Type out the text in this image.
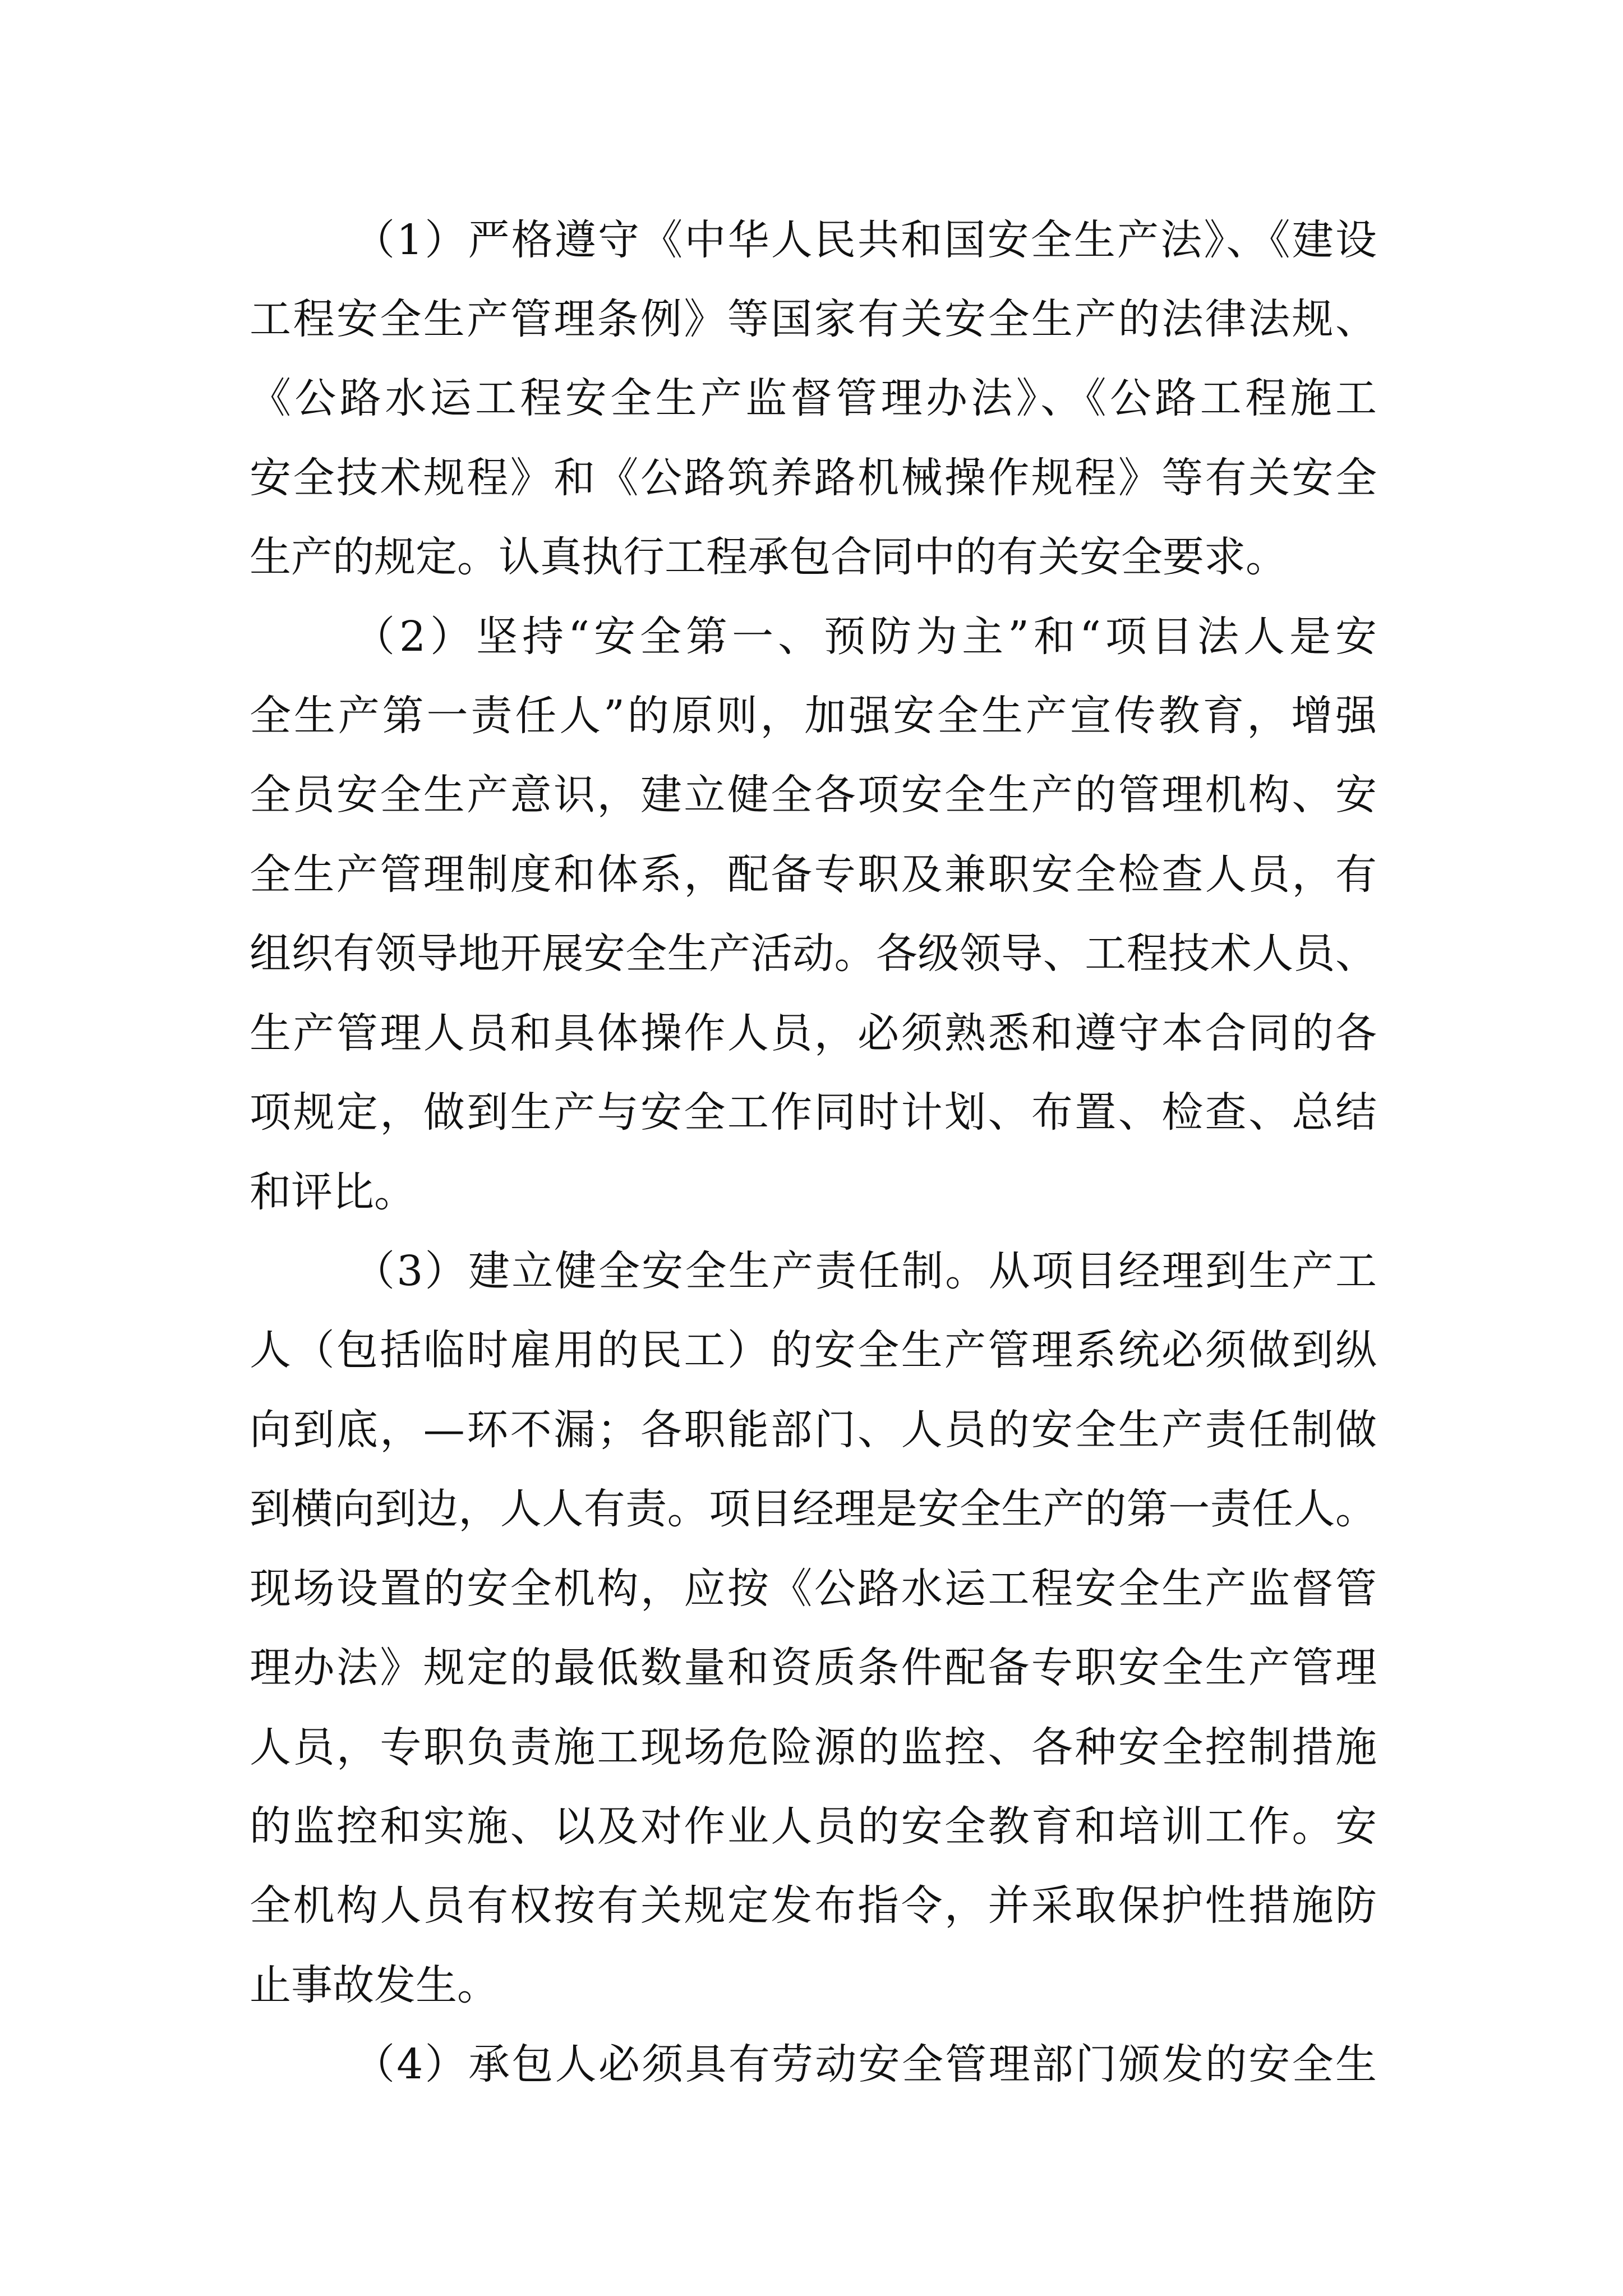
（1）严格遵守《中华人民共和国安全生产法》、《建设
工程安全生产管理条例》等国家有关安全生产的法律法规、
《公路水运工程安全生产监督管理办法》、《公路工程施工
安全技术规程》和《公路筑养路机械操作规程》等有关安全
生产的规定。认真执行工程承包合同中的有关安全要求。
（2）坚持“安全第一、预防为主”和“项目法人是安
全生产第一责任人”的原则，加强安全生产宣传教育，增强
全员安全生产意识，建立健全各项安全生产的管理机构、安
全生产管理制度和体系，配备专职及兼职安全检查人员，有
组织有领导地开展安全生产活动。各级领导、工程技术人员、
生产管理人员和具体操作人员，必须熟悉和遵守本合同的各
项规定，做到生产与安全工作同时计划、布置、检查、总结
和评比。
（3）建立健全安全生产责任制。从项目经理到生产工
人（包括临时雇用的民工）的安全生产管理系统必须做到纵
向到底，—环不漏；各职能部门、人员的安全生产责任制做
到横向到边，人人有责。项目经理是安全生产的第一责任人。
现场设置的安全机构，应按《公路水运工程安全生产监督管
理办法》规定的最低数量和资质条件配备专职安全生产管理
人员，专职负责施工现场危险源的监控、各种安全控制措施
的监控和实施、以及对作业人员的安全教育和培训工作。安
全机构人员有权按有关规定发布指令，并采取保护性措施防
止事故发生。
（4）承包人必须具有劳动安全管理部门颁发的安全生
